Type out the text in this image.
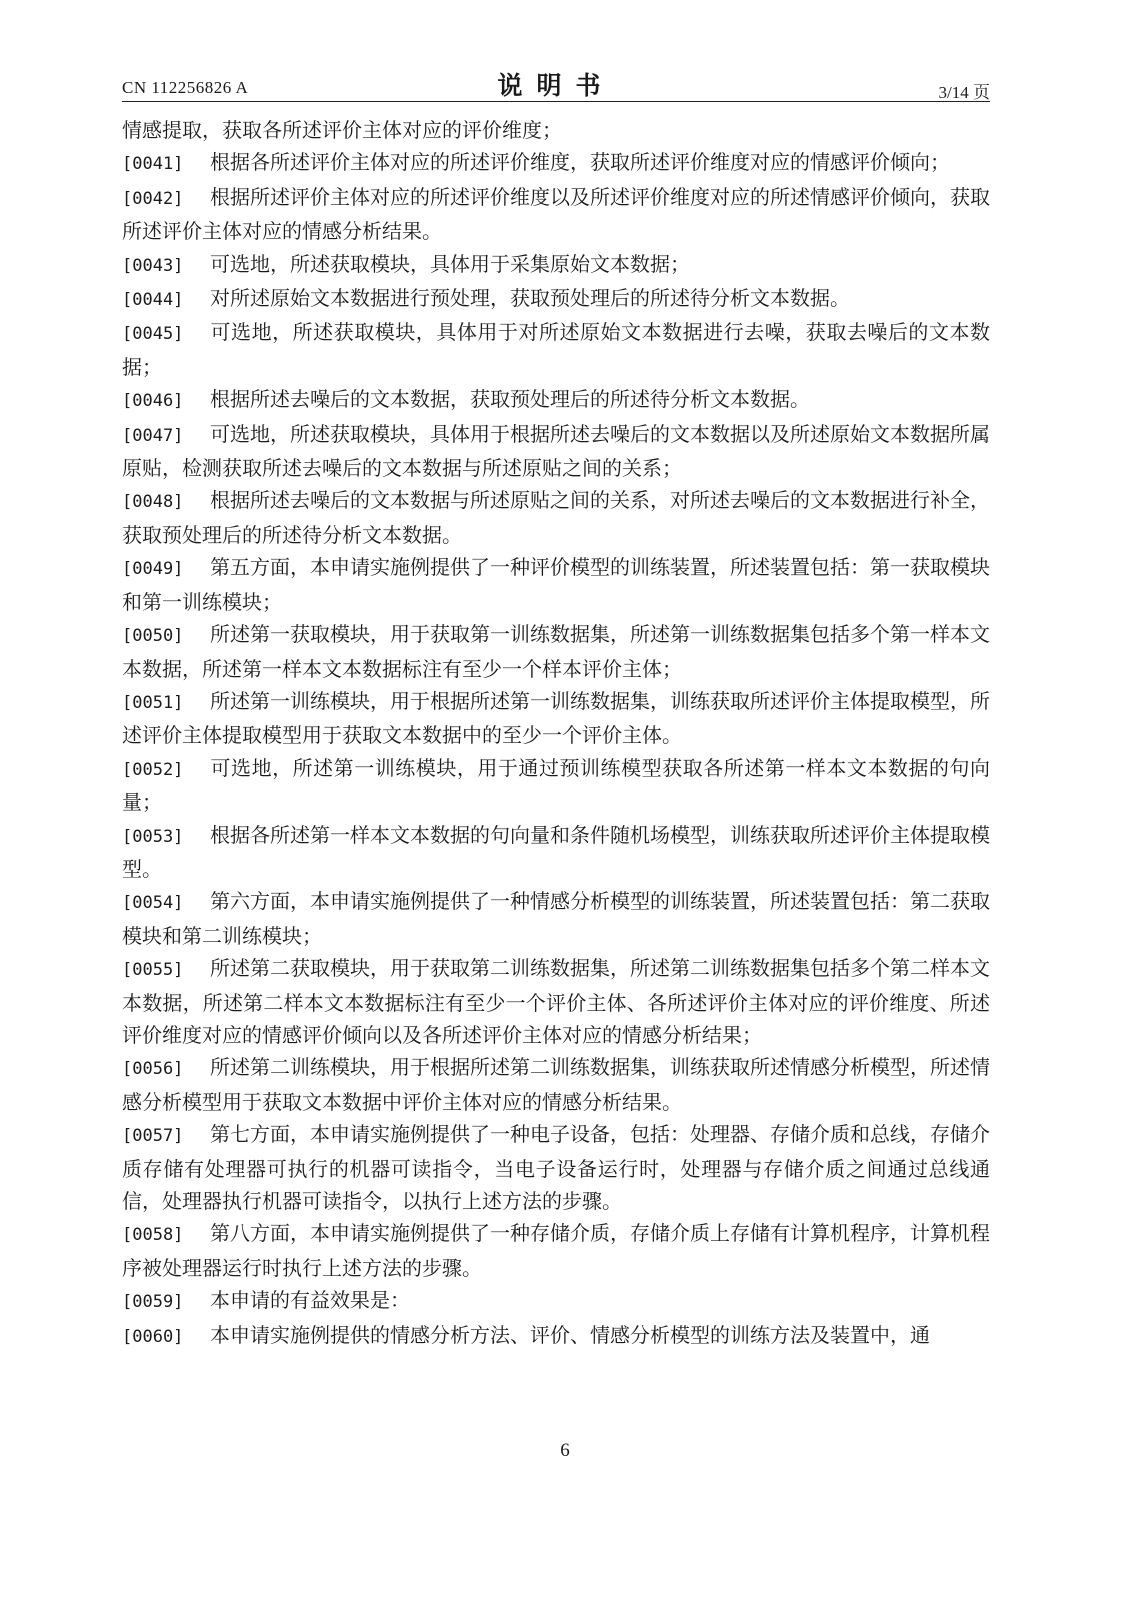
CN 112256826 A	说明书	3/14 页

情感提取，获取各所述评价主体对应的评价维度；

[0041] 根据各所述评价主体对应的所述评价维度，获取所述评价维度对应的情感评价倾向；

[0042] 根据所述评价主体对应的所述评价维度以及所述评价维度对应的所述情感评价倾向，获取所述评价主体对应的情感分析结果。

[0043] 可选地，所述获取模块，具体用于采集原始文本数据；

[0044] 对所述原始文本数据进行预处理，获取预处理后的所述待分析文本数据。

[0045] 可选地，所述获取模块，具体用于对所述原始文本数据进行去噪，获取去噪后的文本数据；

[0046] 根据所述去噪后的文本数据，获取预处理后的所述待分析文本数据。

[0047] 可选地，所述获取模块，具体用于根据所述去噪后的文本数据以及所述原始文本数据所属原贴，检测获取所述去噪后的文本数据与所述原贴之间的关系；

[0048] 根据所述去噪后的文本数据与所述原贴之间的关系，对所述去噪后的文本数据进行补全，获取预处理后的所述待分析文本数据。

[0049] 第五方面，本申请实施例提供了一种评价模型的训练装置，所述装置包括：第一获取模块和第一训练模块；

[0050] 所述第一获取模块，用于获取第一训练数据集，所述第一训练数据集包括多个第一样本文本数据，所述第一样本文本数据标注有至少一个样本评价主体；

[0051] 所述第一训练模块，用于根据所述第一训练数据集，训练获取所述评价主体提取模型，所述评价主体提取模型用于获取文本数据中的至少一个评价主体。

[0052] 可选地，所述第一训练模块，用于通过预训练模型获取各所述第一样本文本数据的句向量；

[0053] 根据各所述第一样本文本数据的句向量和条件随机场模型，训练获取所述评价主体提取模型。

[0054] 第六方面，本申请实施例提供了一种情感分析模型的训练装置，所述装置包括：第二获取模块和第二训练模块；

[0055] 所述第二获取模块，用于获取第二训练数据集，所述第二训练数据集包括多个第二样本文本数据，所述第二样本文本数据标注有至少一个评价主体、各所述评价主体对应的评价维度、所述评价维度对应的情感评价倾向以及各所述评价主体对应的情感分析结果；

[0056] 所述第二训练模块，用于根据所述第二训练数据集，训练获取所述情感分析模型，所述情感分析模型用于获取文本数据中评价主体对应的情感分析结果。

[0057] 第七方面，本申请实施例提供了一种电子设备，包括：处理器、存储介质和总线，存储介质存储有处理器可执行的机器可读指令，当电子设备运行时，处理器与存储介质之间通过总线通信，处理器执行机器可读指令，以执行上述方法的步骤。

[0058] 第八方面，本申请实施例提供了一种存储介质，存储介质上存储有计算机程序，计算机程序被处理器运行时执行上述方法的步骤。

[0059] 本申请的有益效果是：

[0060] 本申请实施例提供的情感分析方法、评价、情感分析模型的训练方法及装置中，通

6
